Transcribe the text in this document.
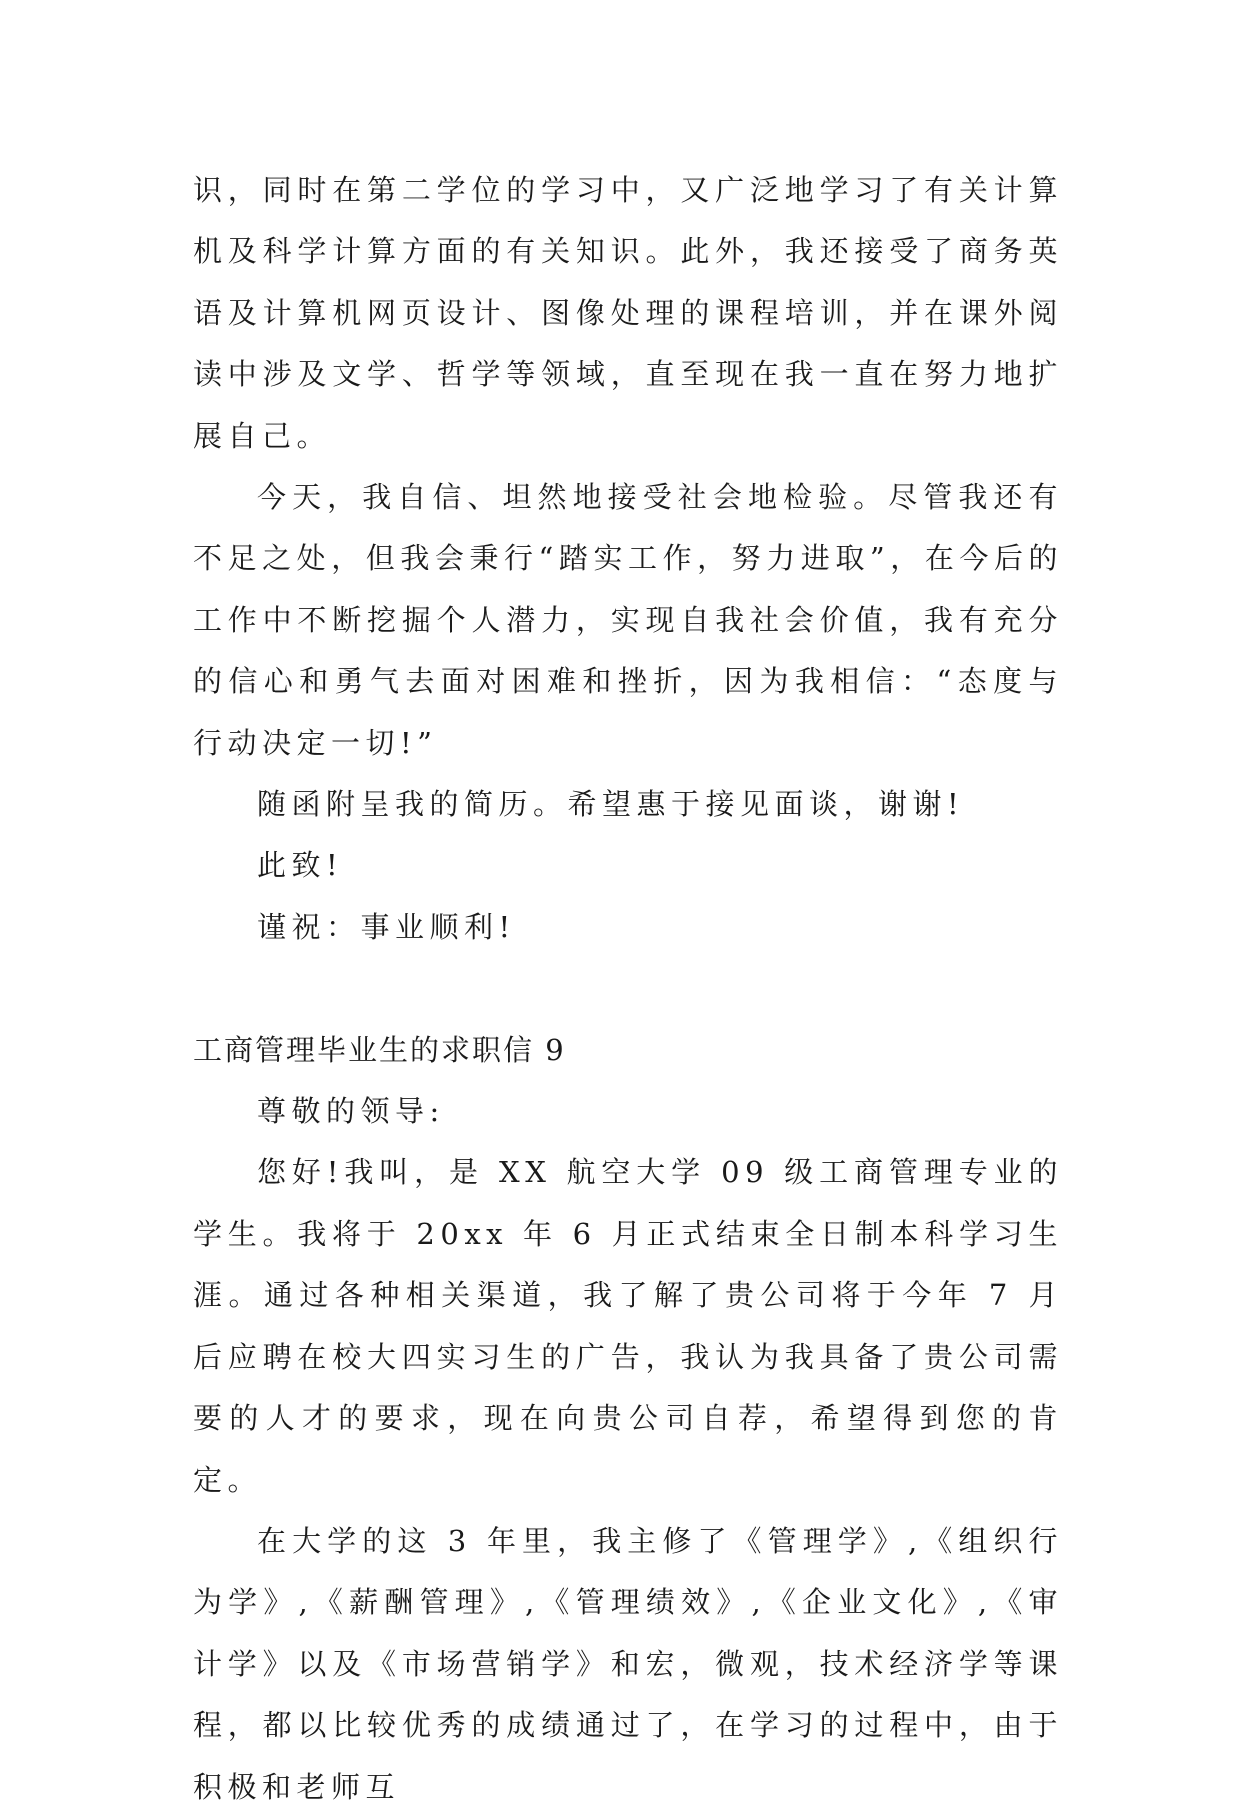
识，同时在第二学位的学习中，又广泛地学习了有关计算机及科学计算方面的有关知识。此外，我还接受了商务英语及计算机网页设计、图像处理的课程培训，并在课外阅读中涉及文学、哲学等领域，直至现在我一直在努力地扩展自己。

今天，我自信、坦然地接受社会地检验。尽管我还有不足之处，但我会秉行“踏实工作，努力进取”，在今后的工作中不断挖掘个人潜力，实现自我社会价值，我有充分的信心和勇气去面对困难和挫折，因为我相信：“态度与行动决定一切!”

随函附呈我的简历。希望惠于接见面谈，谢谢!

此致!

谨祝：事业顺利!

工商管理毕业生的求职信 9

尊敬的领导:

您好!我叫，是 XX 航空大学 09 级工商管理专业的学生。我将于 20xx 年 6 月正式结束全日制本科学习生涯。通过各种相关渠道，我了解了贵公司将于今年 7 月后应聘在校大四实习生的广告，我认为我具备了贵公司需要的人才的要求，现在向贵公司自荐，希望得到您的肯定。

在大学的这 3 年里，我主修了《管理学》,《组织行为学》,《薪酬管理》,《管理绩效》,《企业文化》,《审计学》以及《市场营销学》和宏，微观，技术经济学等课程，都以比较优秀的成绩通过了，在学习的过程中，由于积极和老师互
